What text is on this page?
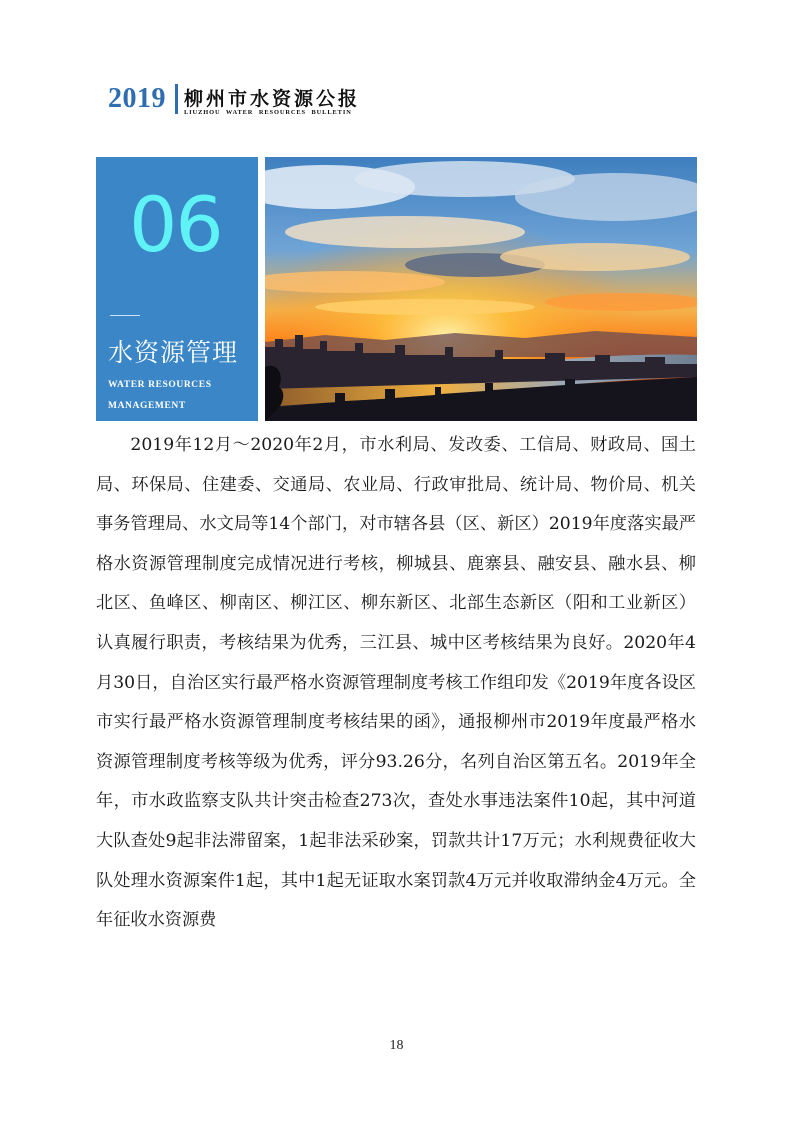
2019 柳州市水资源公报
LIUZHOU WATER RESOURCES BULLETIN
06
水资源管理
WATER RESOURCES
MANAGEMENT

2019年12月～2020年2月，市水利局、发改委、工信局、财政局、国土局、环保局、住建委、交通局、农业局、行政审批局、统计局、物价局、机关事务管理局、水文局等14个部门，对市辖各县（区、新区）2019年度落实最严格水资源管理制度完成情况进行考核，柳城县、鹿寨县、融安县、融水县、柳北区、鱼峰区、柳南区、柳江区、柳东新区、北部生态新区（阳和工业新区）认真履行职责，考核结果为优秀，三江县、城中区考核结果为良好。2020年4月30日，自治区实行最严格水资源管理制度考核工作组印发《2019年度各设区市实行最严格水资源管理制度考核结果的函》，通报柳州市2019年度最严格水资源管理制度考核等级为优秀，评分93.26分，名列自治区第五名。2019年全年，市水政监察支队共计突击检查273次，查处水事违法案件10起，其中河道大队查处9起非法滞留案，1起非法采砂案，罚款共计17万元；水利规费征收大队处理水资源案件1起，其中1起无证取水案罚款4万元并收取滞纳金4万元。全年征收水资源费

18
